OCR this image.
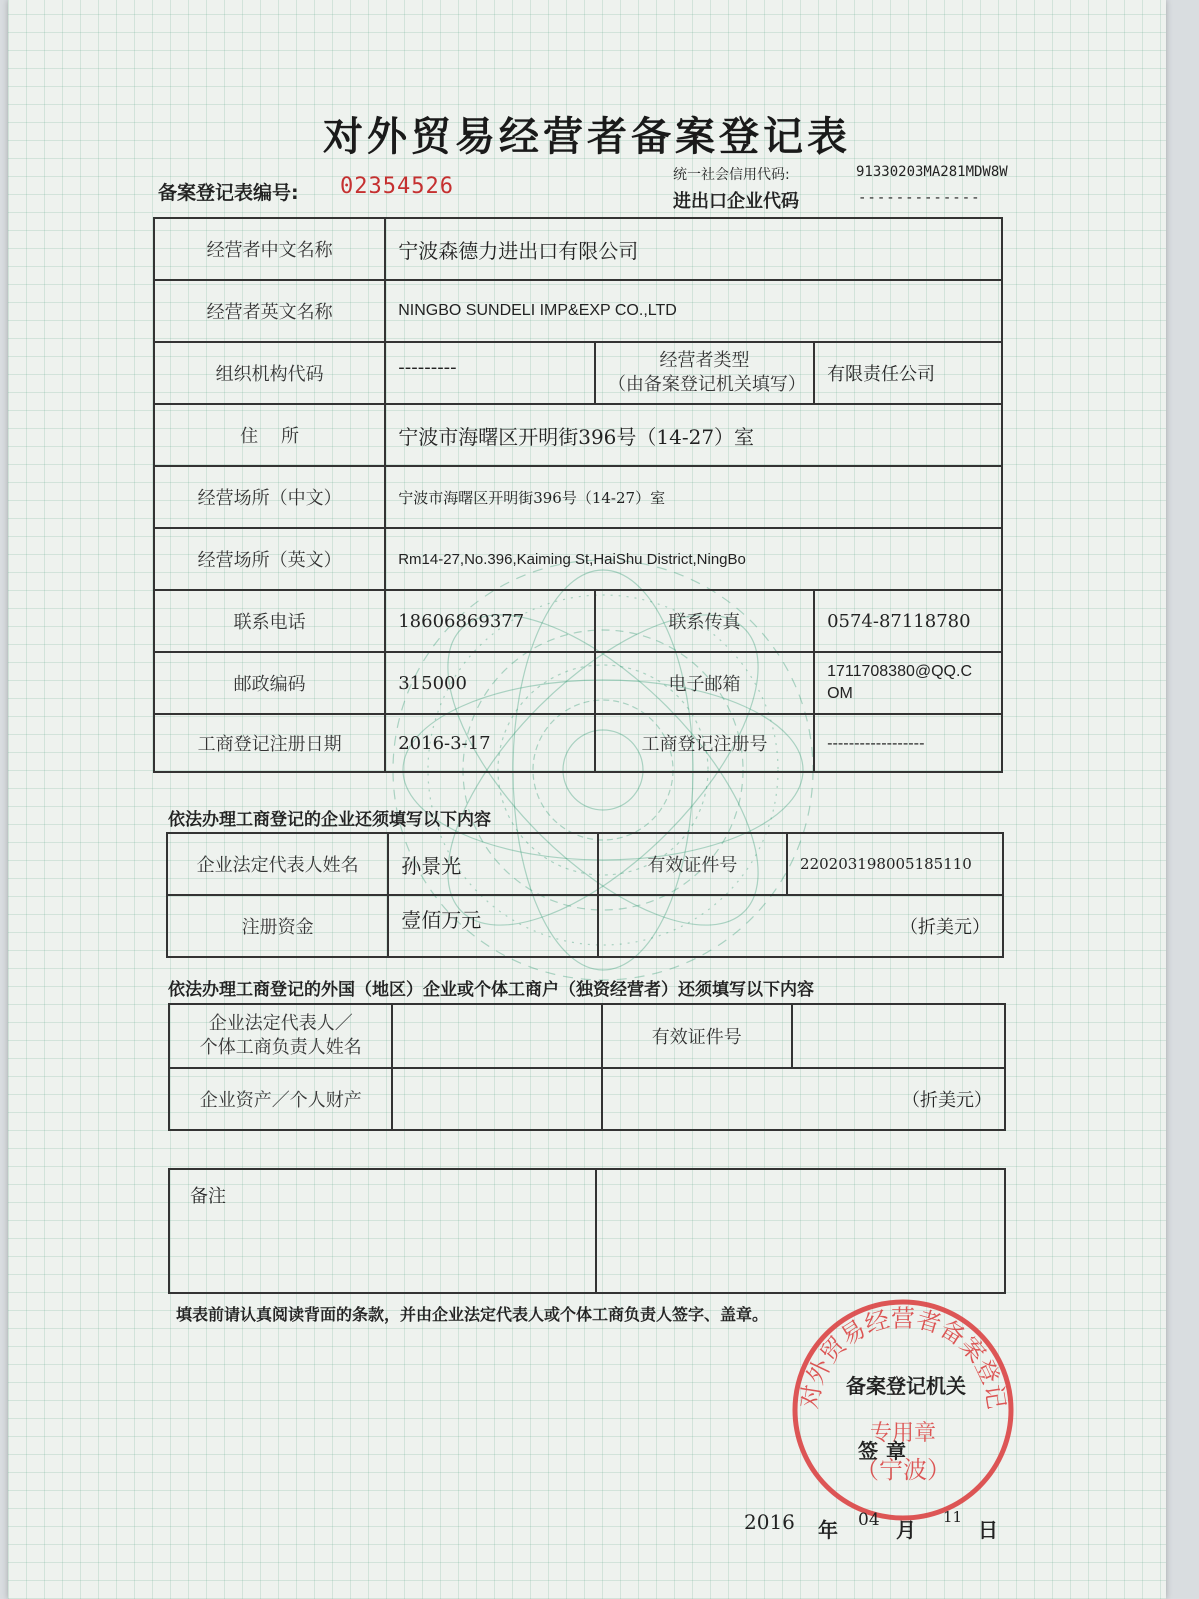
对外贸易经营者备案登记表
备案登记表编号: 02354526	统一社会信用代码:	91330203MA281MDW8W
进出口企业代码	-------------
经营者中文名称	宁波森德力进出口有限公司		
经营者英文名称	NINGBO SUNDELI IMP&EXP CO.,LTD		
组织机构代码	---------	经营者类型
（由备案登记机关填写）	有限责任公司
住    所	宁波市海曙区开明街396号（14-27）室		
经营场所（中文）	宁波市海曙区开明街396号（14-27）室		
经营场所（英文）	Rm14-27,No.396,Kaiming St,HaiShu District,NingBo		
联系电话	18606869377	联系传真	0574-87118780
邮政编码	315000	电子邮箱	1711708380@QQ.C
OM

工商登记注册日期	2016-3-17	工商登记注册号	------------------
依法办理工商登记的企业还须填写以下内容
企业法定代表人姓名	孙景光	有效证件号	220203198005185110
注册资金	壹佰万元	（折美元）	
依法办理工商登记的外国（地区）企业或个体工商户（独资经营者）还须填写以下内容
企业法定代表人／
个体工商负责人姓名		有效证件号	
企业资产／个人财产		（折美元）	
备注	
填表前请认真阅读背面的条款，并由企业法定代表人或个体工商负责人签字、盖章。
对外贸易经营者备案登记
专用章
（宁波）
备案登记机关
签章
2016 年 04 月
11
日
